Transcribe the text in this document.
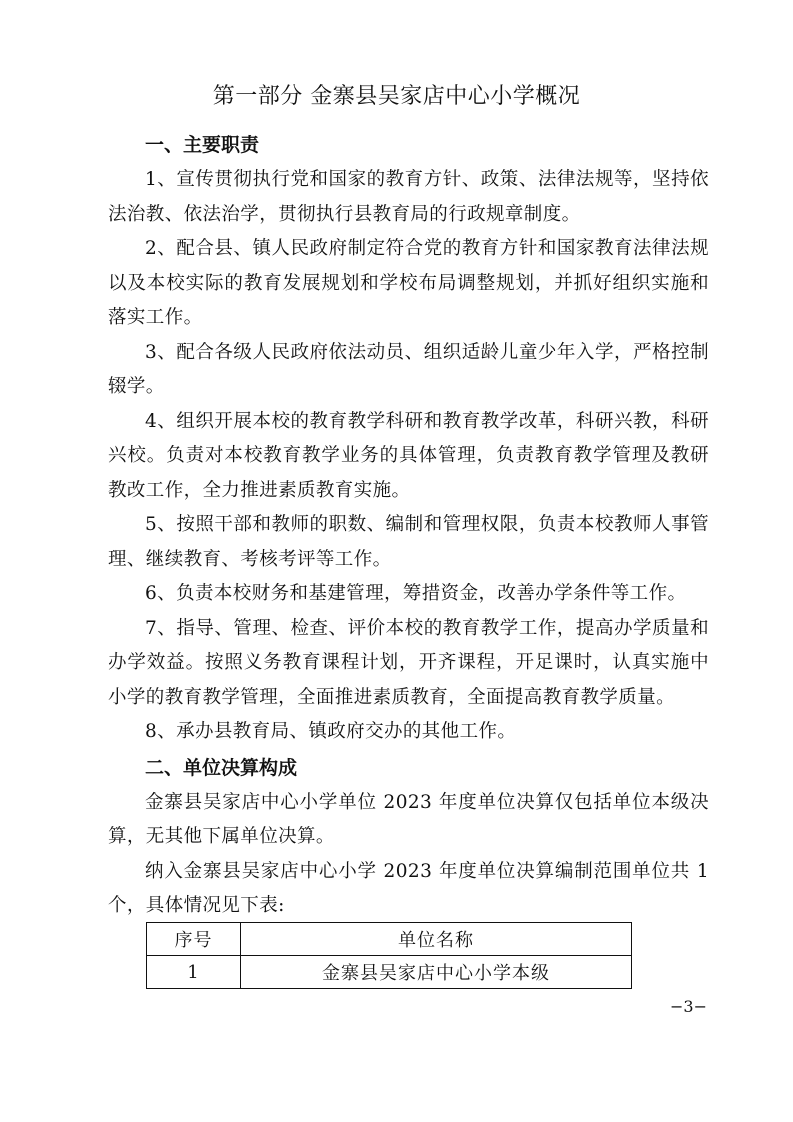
第一部分 金寨县吴家店中心小学概况
一、主要职责

1、宣传贯彻执行党和国家的教育方针、政策、法律法规等，坚持依法治教、依法治学，贯彻执行县教育局的行政规章制度。

2、配合县、镇人民政府制定符合党的教育方针和国家教育法律法规以及本校实际的教育发展规划和学校布局调整规划，并抓好组织实施和落实工作。

3、配合各级人民政府依法动员、组织适龄儿童少年入学，严格控制辍学。

4、组织开展本校的教育教学科研和教育教学改革，科研兴教，科研兴校。负责对本校教育教学业务的具体管理，负责教育教学管理及教研教改工作，全力推进素质教育实施。

5、按照干部和教师的职数、编制和管理权限，负责本校教师人事管理、继续教育、考核考评等工作。

6、负责本校财务和基建管理，筹措资金，改善办学条件等工作。

7、指导、管理、检查、评价本校的教育教学工作，提高办学质量和办学效益。按照义务教育课程计划，开齐课程，开足课时，认真实施中小学的教育教学管理，全面推进素质教育，全面提高教育教学质量。

8、承办县教育局、镇政府交办的其他工作。

二、单位决算构成

金寨县吴家店中心小学单位 2023 年度单位决算仅包括单位本级决算，无其他下属单位决算。

纳入金寨县吴家店中心小学 2023 年度单位决算编制范围单位共 1 个，具体情况见下表:

序号	单位名称
1	金寨县吴家店中心小学本级
−3−
